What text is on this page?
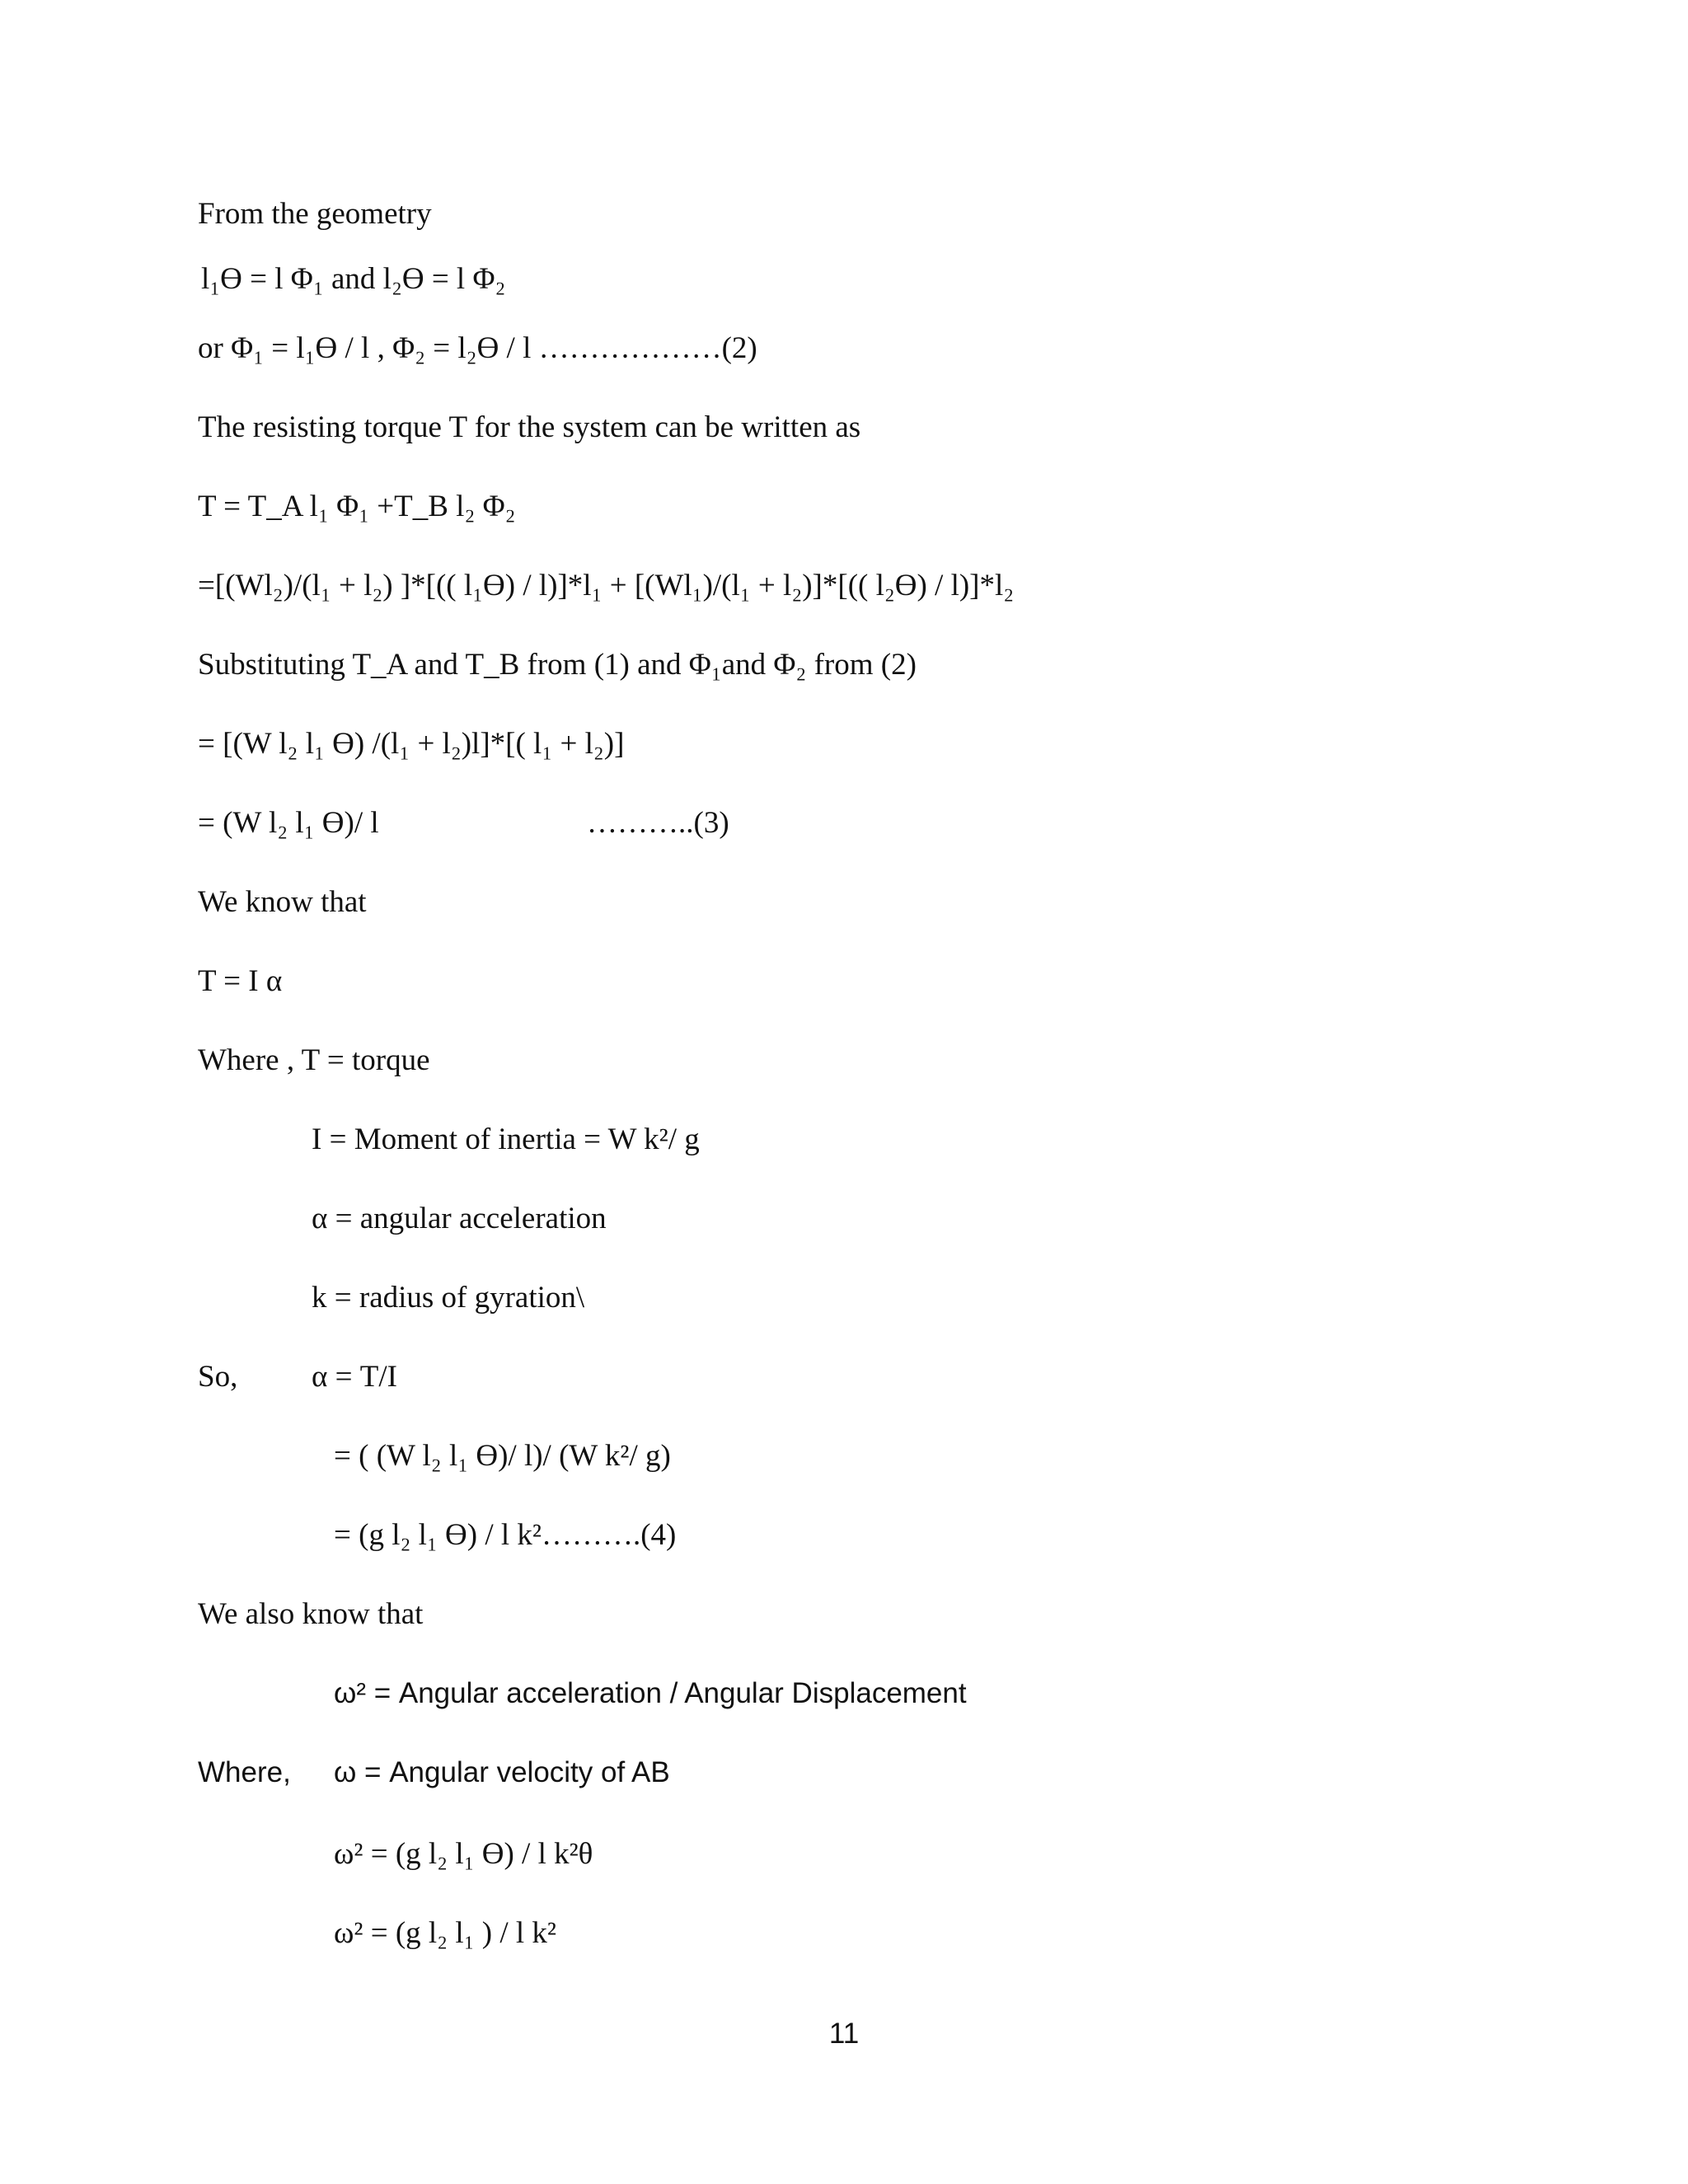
From the geometry
l₁Ө = l Φ₁ and l₂Ө = l Φ₂
or Φ₁ = l₁Ө / l , Φ₂ = l₂Ө / l ………………(2)
The resisting torque T for the system can be written as
T = T_A l₁ Φ₁ +T_B l₂ Φ₂
=[(Wl₂)/(l₁ + l₂) ]*[(( l₁Ө) / l)]*l₁ + [(Wl₁)/(l₁ + l₂)]*[(( l₂Ө) / l)]*l₂
Substituting T_A and T_B from (1) and Φ₁and Φ₂ from (2)
= [(W l₂ l₁ Ө) /(l₁ + l₂)l]*[( l₁ + l₂)]
= (W l₂ l₁ Ө)/ l	………..(3)
We know that
T = I α
Where , T = torque
I = Moment of inertia = W k²/ g
α = angular acceleration
k = radius of gyration\
So, α = T/I
= ( (W l₂ l₁ Ө)/ l)/ (W k²/ g)
= (g l₂ l₁ Ө) / l k²……….(4)
We also know that
ω² = Angular acceleration / Angular Displacement
Where, ω = Angular velocity of AB
ω² = (g l₂ l₁ Ө) / l k²θ
ω² = (g l₂ l₁ ) / l k²
11
